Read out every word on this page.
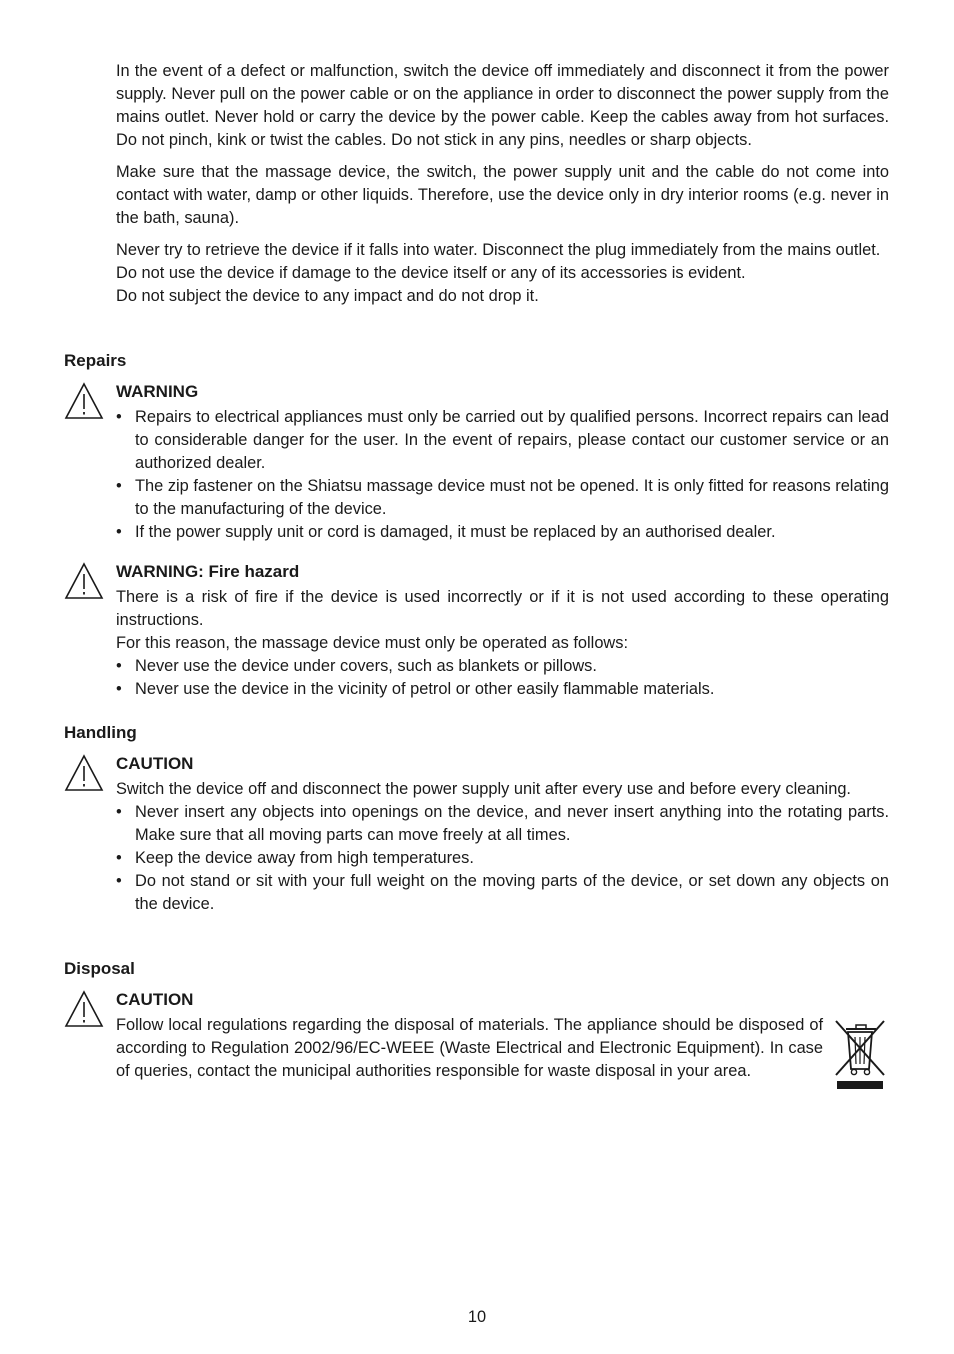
In the event of a defect or malfunction, switch the device off immediately and disconnect it from the power supply. Never pull on the power cable or on the appliance in order to disconnect the power supply from the mains outlet. Never hold or carry the device by the power cable. Keep the cables away from hot surfaces. Do not pinch, kink or twist the cables. Do not stick in any pins, needles or sharp objects.

Make sure that the massage device, the switch, the power supply unit and the cable do not come into contact with water, damp or other liquids. Therefore, use the device only in dry interior rooms (e.g. never in the bath, sauna).

Never try to retrieve the device if it falls into water. Disconnect the plug immediately from the mains outlet.

Do not use the device if damage to the device itself or any of its accessories is evident.

Do not subject the device to any impact and do not drop it.

Repairs
WARNING
• Repairs to electrical appliances must only be carried out by qualified persons. Incorrect repairs can lead to considerable danger for the user. In the event of repairs, please contact our customer service or an authorized dealer.
• The zip fastener on the Shiatsu massage device must not be opened. It is only fitted for reasons relating to the manufacturing of the device.
• If the power supply unit or cord is damaged, it must be replaced by an authorised dealer.
WARNING: Fire hazard

There is a risk of fire if the device is used incorrectly or if it is not used according to these operating instructions.

For this reason, the massage device must only be operated as follows:

• Never use the device under covers, such as blankets or pillows.
• Never use the device in the vicinity of petrol or other easily flammable materials.
Handling
CAUTION

Switch the device off and disconnect the power supply unit after every use and before every cleaning.

• Never insert any objects into openings on the device, and never insert anything into the rotating parts. Make sure that all moving parts can move freely at all times.
• Keep the device away from high temperatures.
• Do not stand or sit with your full weight on the moving parts of the device, or set down any objects on the device.
Disposal
CAUTION

Follow local regulations regarding the disposal of materials. The appliance should be disposed of according to Regulation 2002/96/EC-WEEE (Waste Electrical and Electronic Equipment). In case of queries, contact the municipal authorities responsible for waste disposal in your area.

10
